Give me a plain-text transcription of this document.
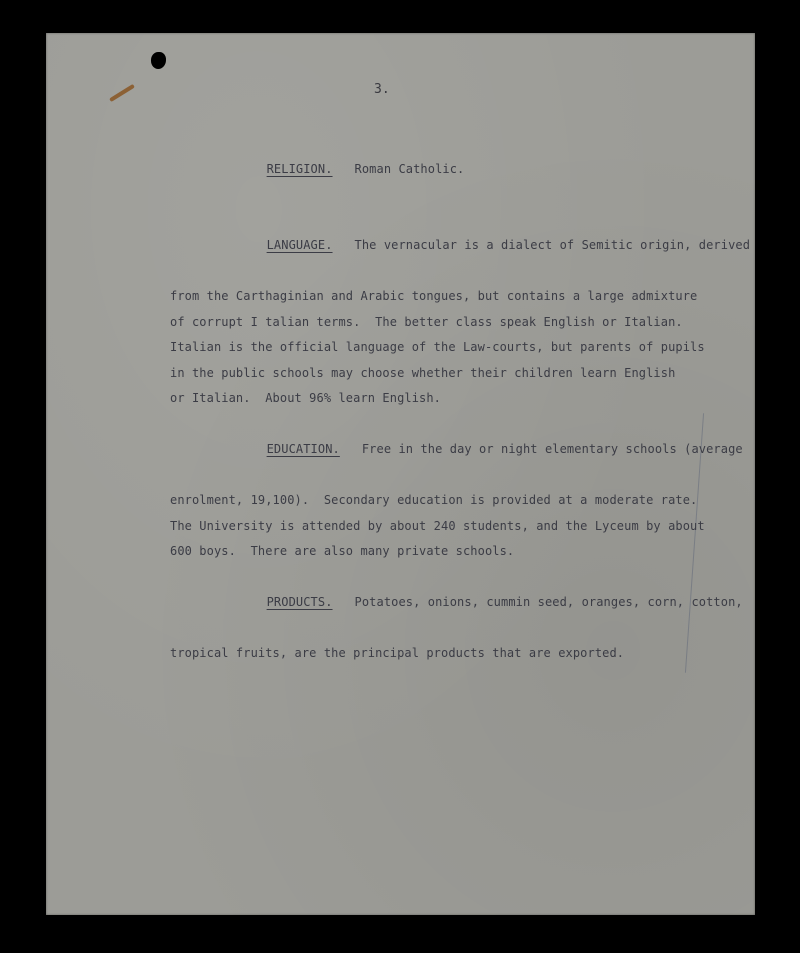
3.

RELIGION. Roman Catholic.

LANGUAGE. The vernacular is a dialect of Semitic origin, derived

from the Carthaginian and Arabic tongues, but contains a large admixture
of corrupt I talian terms.  The better class speak English or Italian.
Italian is the official language of the Law-courts, but parents of pupils
in the public schools may choose whether their children learn English
or Italian.  About 96% learn English.

EDUCATION. Free in the day or night elementary schools (average

enrolment, 19,100).  Secondary education is provided at a moderate rate.
The University is attended by about 240 students, and the Lyceum by about
600 boys.  There are also many private schools.

PRODUCTS. Potatoes, onions, cummin seed, oranges, corn, cotton,

tropical fruits, are the principal products that are exported.
